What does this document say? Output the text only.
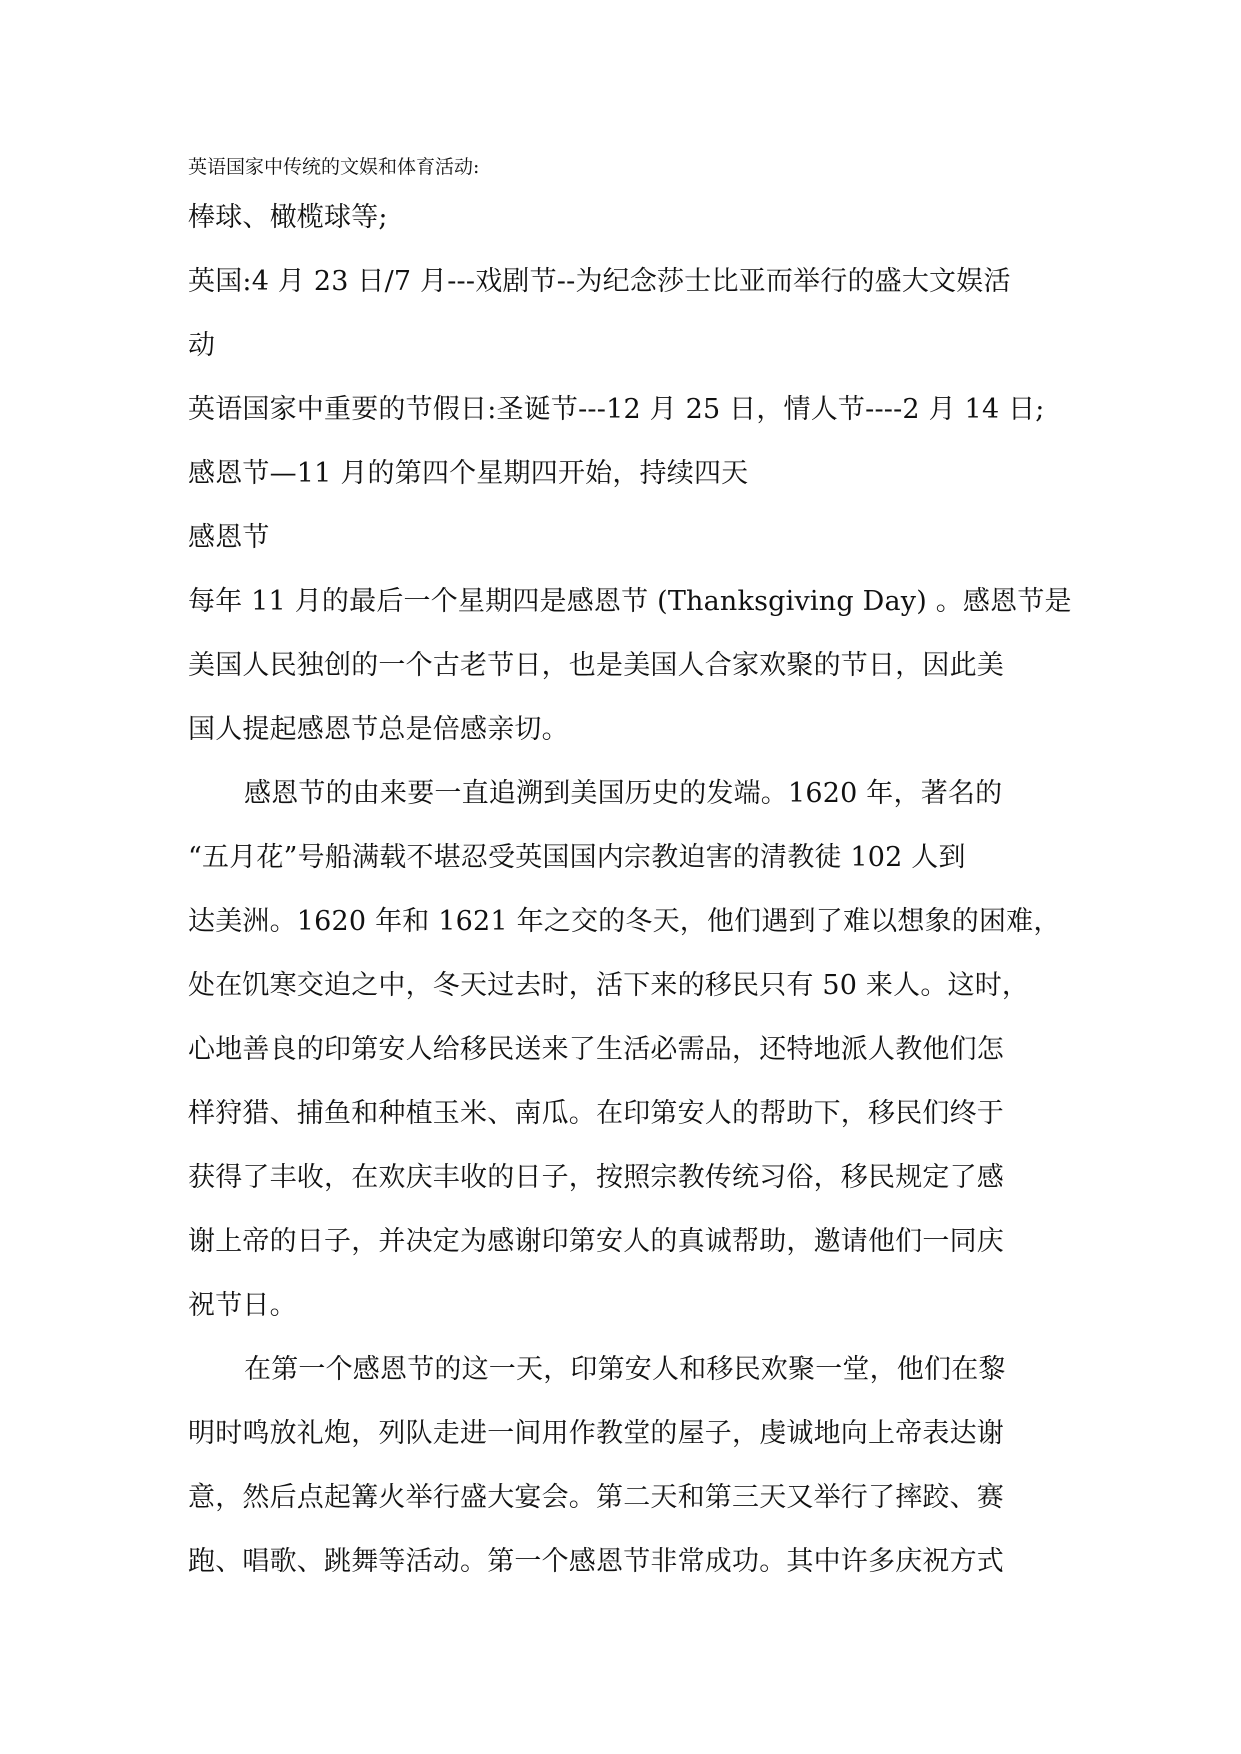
英语国家中传统的文娱和体育活动:
棒球、橄榄球等;
英国:4 月 23 日/7 月---戏剧节--为纪念莎士比亚而举行的盛大文娱活
动
英语国家中重要的节假日:圣诞节---12 月 25 日，情人节----2 月 14 日;
感恩节—11 月的第四个星期四开始，持续四天
感恩节
每年 11 月的最后一个星期四是感恩节 (Thanksgiving Day) 。感恩节是
美国人民独创的一个古老节日，也是美国人合家欢聚的节日，因此美
国人提起感恩节总是倍感亲切。
感恩节的由来要一直追溯到美国历史的发端。1620 年，著名的
“五月花”号船满载不堪忍受英国国内宗教迫害的清教徒 102 人到
达美洲。1620 年和 1621 年之交的冬天，他们遇到了难以想象的困难，
处在饥寒交迫之中，冬天过去时，活下来的移民只有 50 来人。这时，
心地善良的印第安人给移民送来了生活必需品，还特地派人教他们怎
样狩猎、捕鱼和种植玉米、南瓜。在印第安人的帮助下，移民们终于
获得了丰收，在欢庆丰收的日子，按照宗教传统习俗，移民规定了感
谢上帝的日子，并决定为感谢印第安人的真诚帮助，邀请他们一同庆
祝节日。
在第一个感恩节的这一天，印第安人和移民欢聚一堂，他们在黎
明时鸣放礼炮，列队走进一间用作教堂的屋子，虔诚地向上帝表达谢
意，然后点起篝火举行盛大宴会。第二天和第三天又举行了摔跤、赛
跑、唱歌、跳舞等活动。第一个感恩节非常成功。其中许多庆祝方式
